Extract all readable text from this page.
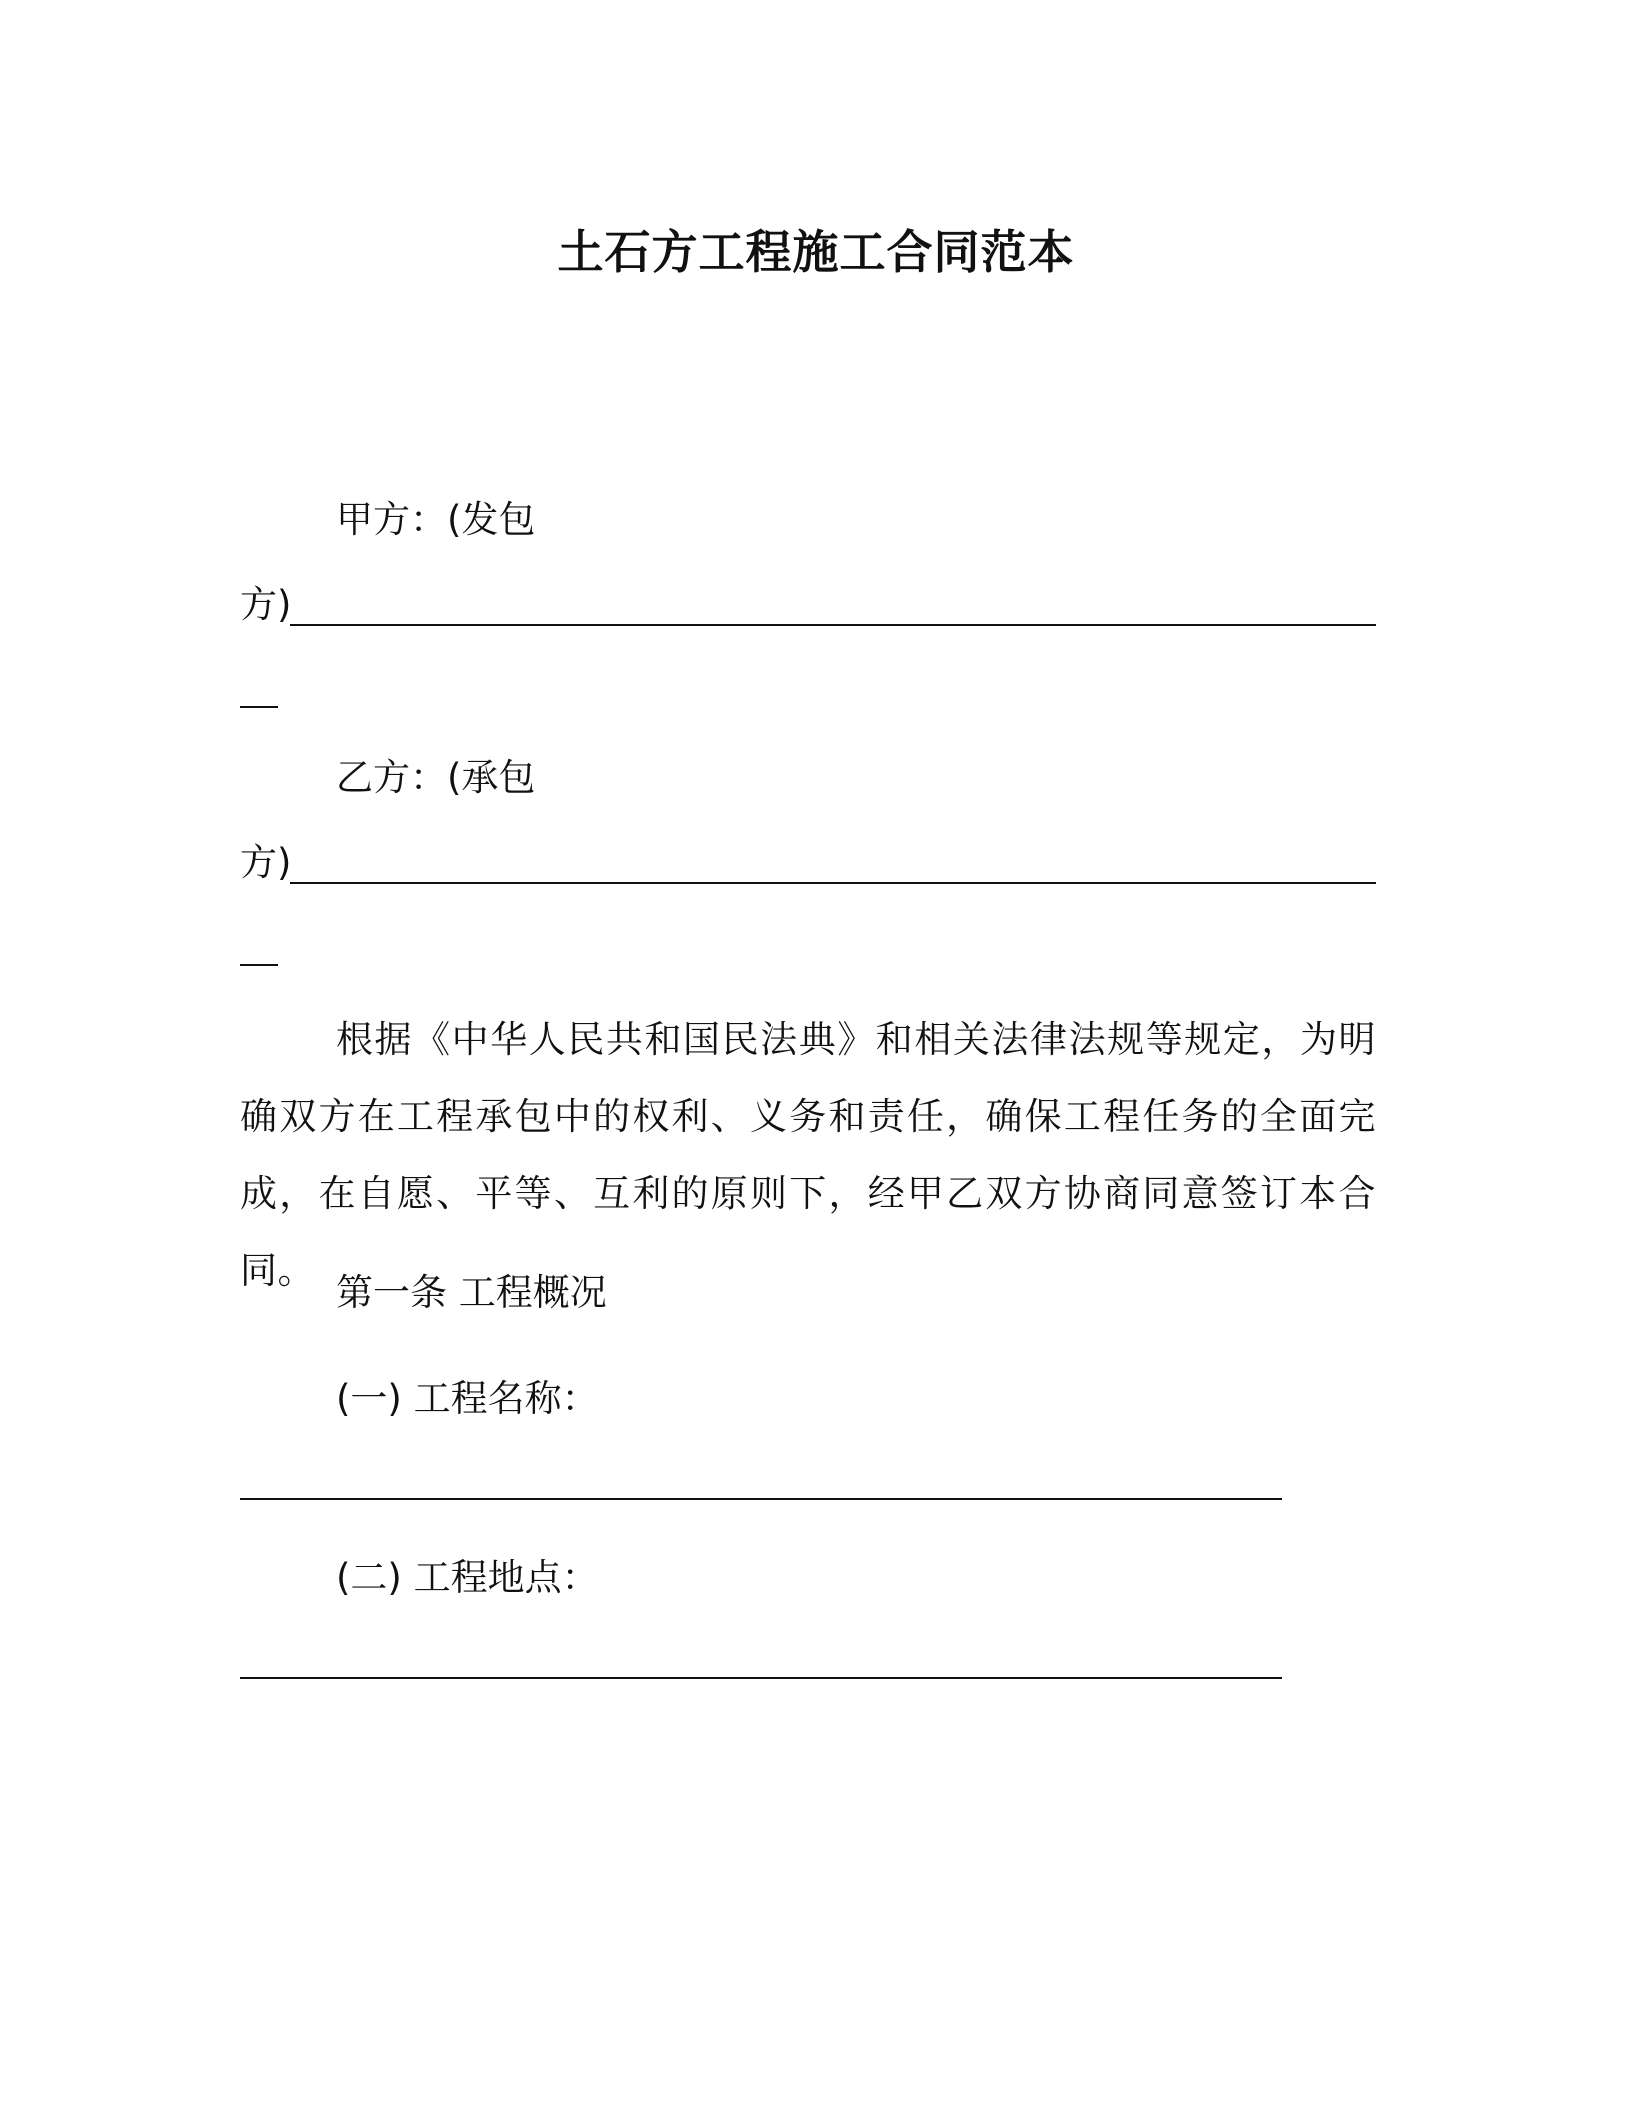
土石方工程施工合同范本
甲方：(发包
方)
乙方：(承包
方)
根据《中华人民共和国民法典》和相关法律法规等规定，为明确双方在工程承包中的权利、义务和责任，确保工程任务的全面完成，在自愿、平等、互利的原则下，经甲乙双方协商同意签订本合同。
第一条 工程概况
(一) 工程名称：
(二) 工程地点：
